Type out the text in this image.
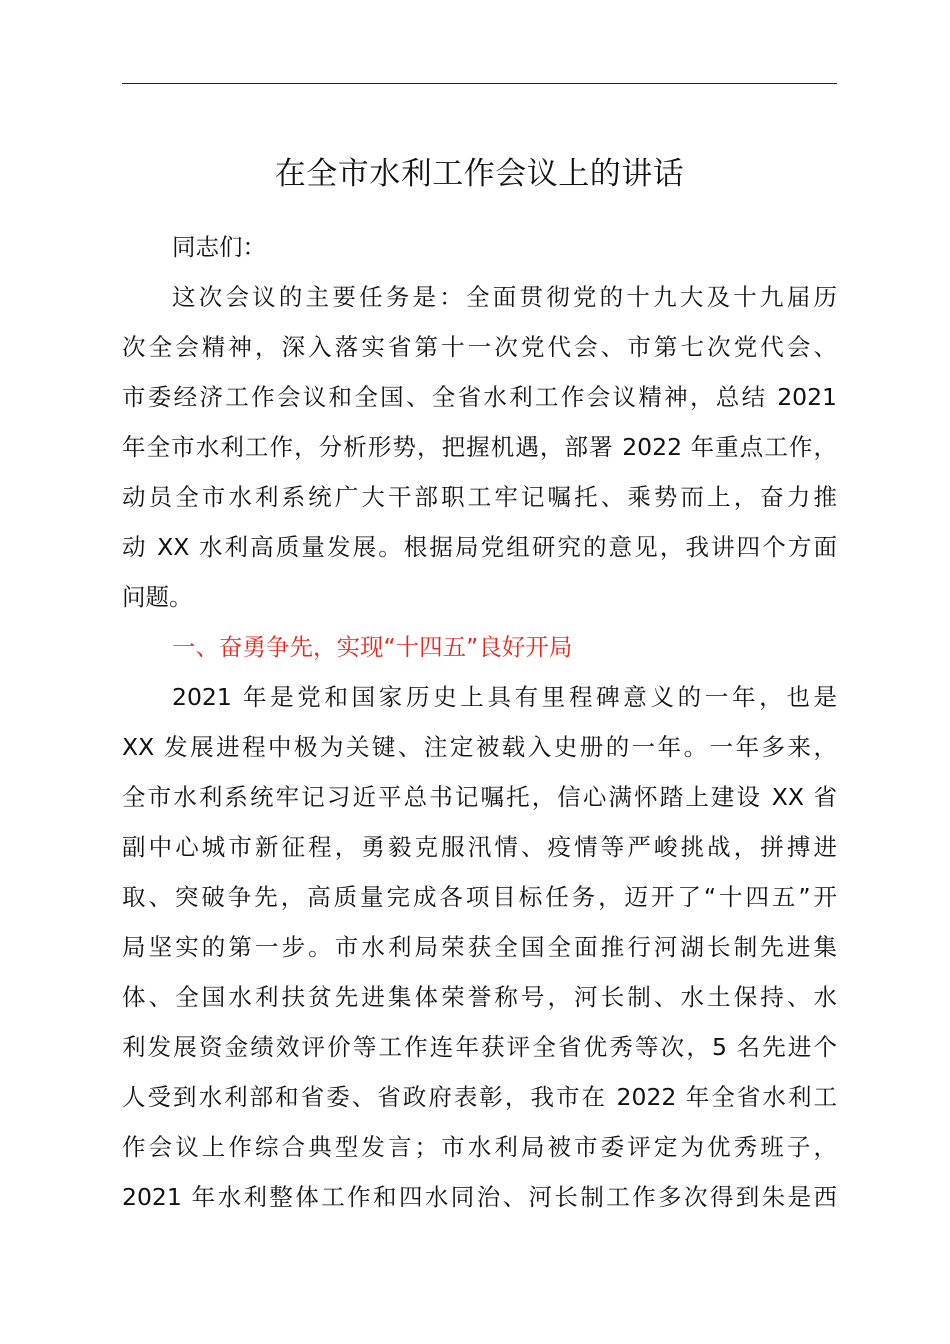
在全市水利工作会议上的讲话
同志们：
这次会议的主要任务是：全面贯彻党的十九大及十九届历
次全会精神，深入落实省第十一次党代会、市第七次党代会、
市委经济工作会议和全国、全省水利工作会议精神，总结 2021
年全市水利工作，分析形势，把握机遇，部署 2022 年重点工作，
动员全市水利系统广大干部职工牢记嘱托、乘势而上，奋力推
动 XX 水利高质量发展。根据局党组研究的意见，我讲四个方面
问题。
一、奋勇争先，实现“十四五”良好开局
2021 年是党和国家历史上具有里程碑意义的一年，也是
XX 发展进程中极为关键、注定被载入史册的一年。一年多来，
全市水利系统牢记习近平总书记嘱托，信心满怀踏上建设 XX 省
副中心城市新征程，勇毅克服汛情、疫情等严峻挑战，拼搏进
取、突破争先，高质量完成各项目标任务，迈开了“十四五”开
局坚实的第一步。市水利局荣获全国全面推行河湖长制先进集
体、全国水利扶贫先进集体荣誉称号，河长制、水土保持、水
利发展资金绩效评价等工作连年获评全省优秀等次，5 名先进个
人受到水利部和省委、省政府表彰，我市在 2022 年全省水利工
作会议上作综合典型发言；市水利局被市委评定为优秀班子，
2021 年水利整体工作和四水同治、河长制工作多次得到朱是西
